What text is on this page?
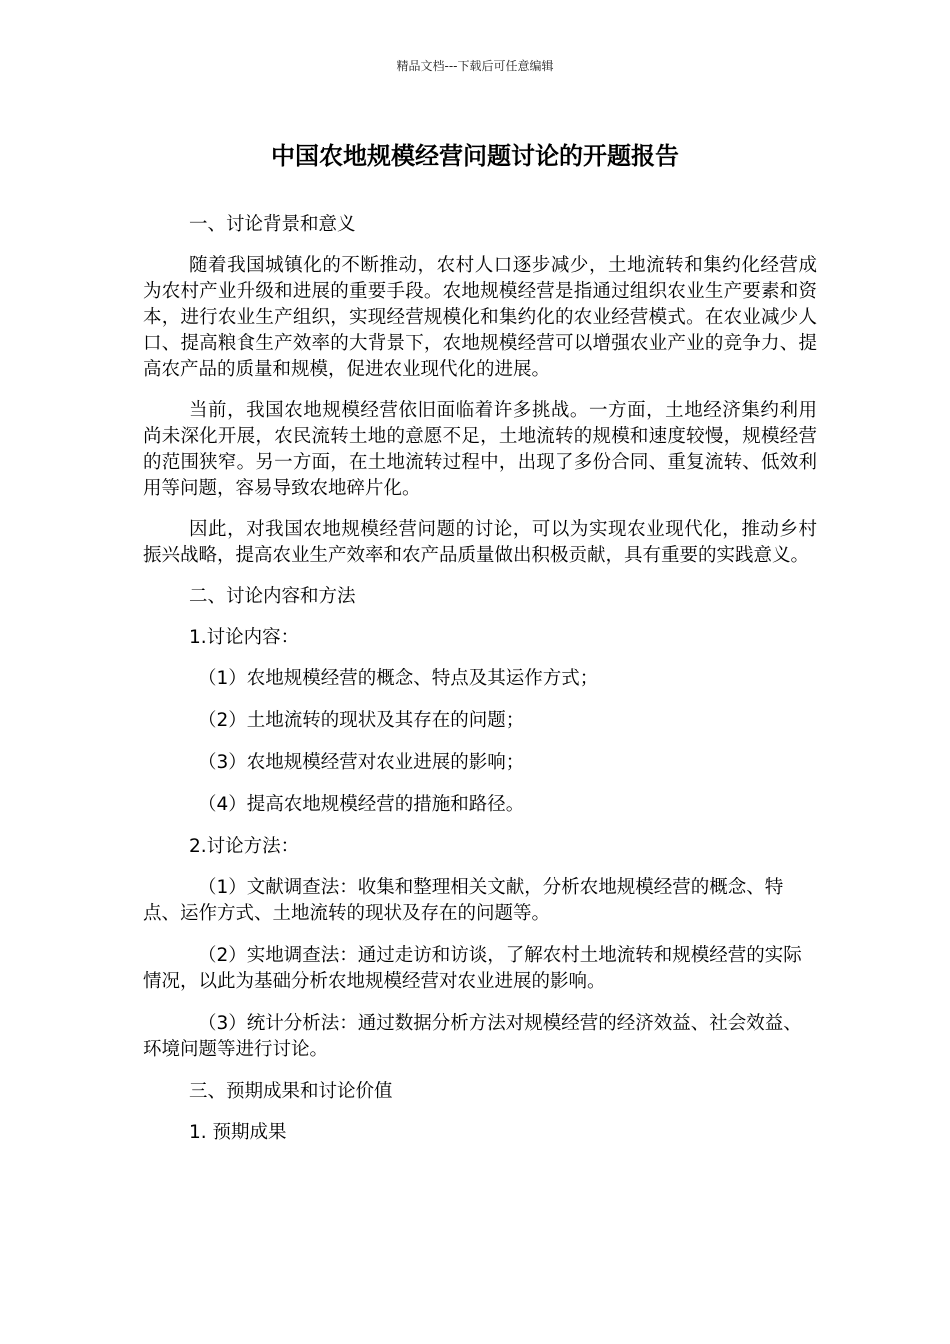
精品文档---下载后可任意编辑
中国农地规模经营问题讨论的开题报告

一、讨论背景和意义

随着我国城镇化的不断推动，农村人口逐步减少，土地流转和集约化经营成为农村产业升级和进展的重要手段。农地规模经营是指通过组织农业生产要素和资本，进行农业生产组织，实现经营规模化和集约化的农业经营模式。在农业减少人口、提高粮食生产效率的大背景下，农地规模经营可以增强农业产业的竞争力、提高农产品的质量和规模，促进农业现代化的进展。

当前，我国农地规模经营依旧面临着许多挑战。一方面，土地经济集约利用尚未深化开展，农民流转土地的意愿不足，土地流转的规模和速度较慢，规模经营的范围狭窄。另一方面，在土地流转过程中，出现了多份合同、重复流转、低效利用等问题，容易导致农地碎片化。

因此，对我国农地规模经营问题的讨论，可以为实现农业现代化，推动乡村振兴战略，提高农业生产效率和农产品质量做出积极贡献，具有重要的实践意义。

二、讨论内容和方法

1.讨论内容：

（1）农地规模经营的概念、特点及其运作方式；

（2）土地流转的现状及其存在的问题；

（3）农地规模经营对农业进展的影响；

（4）提高农地规模经营的措施和路径。

2.讨论方法：

（1）文献调查法：收集和整理相关文献，分析农地规模经营的概念、特点、运作方式、土地流转的现状及存在的问题等。

（2）实地调查法：通过走访和访谈，了解农村土地流转和规模经营的实际情况，以此为基础分析农地规模经营对农业进展的影响。

（3）统计分析法：通过数据分析方法对规模经营的经济效益、社会效益、环境问题等进行讨论。

三、预期成果和讨论价值

1. 预期成果
